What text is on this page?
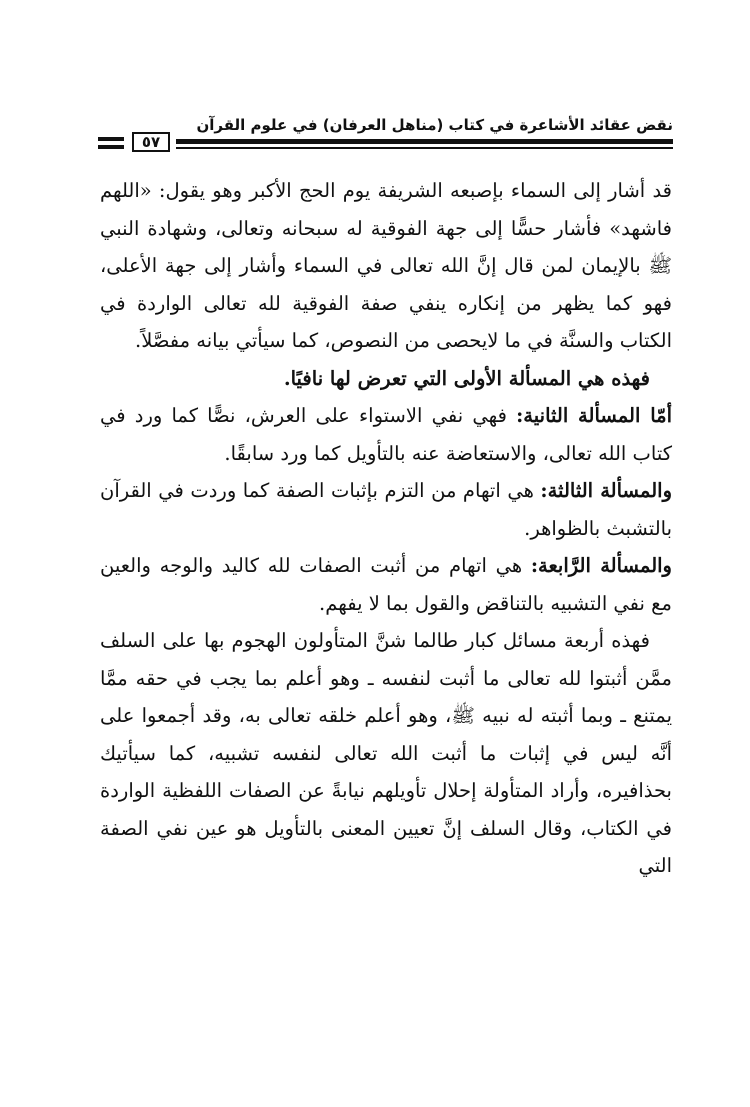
نقض عقائد الأشاعرة في كتاب (مناهل العرفان) في علوم القرآن
٥٧

قد أشار إلى السماء بإصبعه الشريفة يوم الحج الأكبر وهو يقول: «اللهم فاشهد» فأشار حسًّا إلى جهة الفوقية له سبحانه وتعالى، وشهادة النبي ﷺ بالإيمان لمن قال إنَّ الله تعالى في السماء وأشار إلى جهة الأعلى، فهو كما يظهر من إنكاره ينفي صفة الفوقية لله تعالى الواردة في الكتاب والسنَّة في ما لايحصى من النصوص، كما سيأتي بيانه مفصَّلاً.

فهذه هي المسألة الأولى التي تعرض لها نافيًا.

أمّا المسألة الثانية: فهي نفي الاستواء على العرش، نصًّا كما ورد في كتاب الله تعالى، والاستعاضة عنه بالتأويل كما ورد سابقًا.

والمسألة الثالثة: هي اتهام من التزم بإثبات الصفة كما وردت في القرآن بالتشبث بالظواهر.

والمسألة الرَّابعة: هي اتهام من أثبت الصفات لله كاليد والوجه والعين مع نفي التشبيه بالتناقض والقول بما لا يفهم.

فهذه أربعة مسائل كبار طالما شنَّ المتأولون الهجوم بها على السلف ممَّن أثبتوا لله تعالى ما أثبت لنفسه ـ وهو أعلم بما يجب في حقه ممَّا يمتنع ـ وبما أثبته له نبيه ﷺ، وهو أعلم خلقه تعالى به، وقد أجمعوا على أنَّه ليس في إثبات ما أثبت الله تعالى لنفسه تشبيه، كما سيأتيك بحذافيره، وأراد المتأولة إحلال تأويلهم نيابةً عن الصفات اللفظية الواردة في الكتاب، وقال السلف إنَّ تعيين المعنى بالتأويل هو عين نفي الصفة التي
